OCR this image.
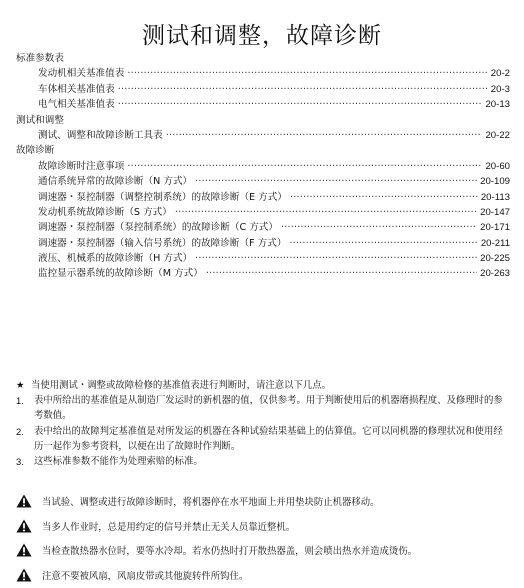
测试和调整，故障诊断
标准参数表
发动机相关基准值表 ·····	20-2
车体相关基准值表 ·····	20-3
电气相关基准值表 ·····	20-13
测试和调整
测试、调整和故障诊断工具表 ·····	20-22
故障诊断
故障诊断时注意事项 ·····	20-60
通信系统异常的故障诊断（N 方式） ·····	20-109
调速器・泵控制器（调整控制系统）的故障诊断（E 方式） ·····	20-113
发动机系统故障诊断（S 方式） ·····	20-147
调速器・泵控制器（泵控制系统）的故障诊断（C 方式） ·····	20-171
调速器・泵控制器（输入信号系统）的故障诊断（F 方式） ·····	20-211
液压、机械系的故障诊断（H 方式） ·····	20-225
监控显示器系统的故障诊断（M 方式） ·····	20-263
★ 当使用测试・调整或故障检修的基准值表进行判断时，请注意以下几点。
1.	表中所给出的基准值是从制造厂发运时的新机器的值，仅供参考。用于判断使用后的机器磨损程度、及修理时的参考数值。
2.	表中给出的故障判定基准值是对所发运的机器在各种试验结果基础上的估算值。它可以同机器的修理状况和使用经历一起作为参考资料，以便在出了故障时作判断。
3.	这些标准参数不能作为处理索赔的标准。
当试验、调整或进行故障诊断时，将机器停在水平地面上并用垫块防止机器移动。
当多人作业时，总是用约定的信号并禁止无关人员靠近整机。
当检查散热器水位时，要等水冷却。若水仍热时打开散热器盖，则会喷出热水并造成烫伤。
注意不要被风扇，风扇皮带或其他旋转件所钩住。
